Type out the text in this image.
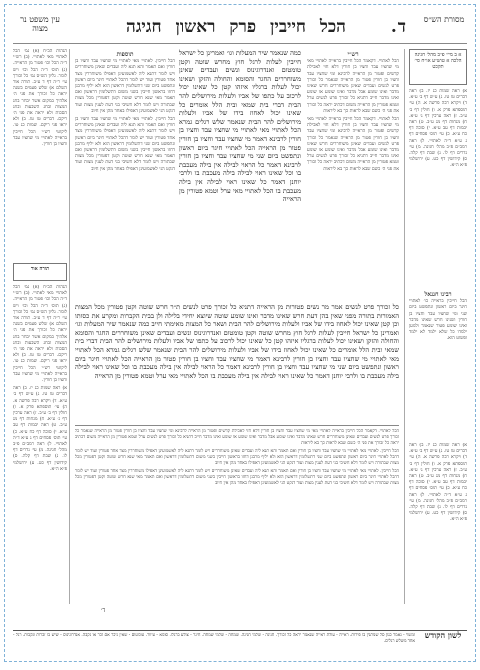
מסורת הש״ס
ד.
הכל חייבין פרק ראשון חגיגה
עין משפט נר מצוה
א ב מיי׳ פ״ב מהל׳ חגיגה הלכה א טוש״ע או״ח סי׳ תקכט

א) ראה שמות כג יז. ב) ראה דברים טז טז. ג) ע״ש דף ב׳ ע״א. ד) ויקרא רבה פרשה א. ה) עי׳ תוספתא פרק א. ו) חולין דף ב׳ ע״ב. ז) ראה ערכין דף ג׳ ע״א. ח) מנחות דף מג ע״ב. ט) ראה יבמות דף עב ע״א. י) סוכה דף כח ע״א. כ) עי׳ תוס׳ פסחים דף ג ע״א ד״ה לאתויי. ל) ראה רמב״ם פ״ב מהל׳ חגיגה. מ) עי׳ נדרים דף לו. נ) שבת דף קלה. ס) קידושין דף כט. ע) ירושלמי פ״א ה״א.

רבינו חננאל

הכל חייבין בראייה כו׳ לאתויי חיגר ביום ראשון ונתפשט ביום שני ומי שחציו עבד וחציו בן חורין ושנינו חרש שאינו מדבר ואינו שומע פטור שנאמר ולמען ילמדו כל שלא ילמד לא ילמד ופשוט הוא.

א) ראה שמות כג יז. ב) ראה דברים טז טז. ג) ע״ש דף ב׳ ע״א. ד) ויקרא רבה פרשה א. ה) עי׳ תוספתא פרק א. ו) חולין דף ב׳ ע״ב. ז) ראה ערכין דף ג׳ ע״א. ח) מנחות דף מג ע״ב. ט) ראה יבמות דף עב ע״א. י) סוכה דף כח ע״א. כ) עי׳ תוס׳ פסחים דף ג ע״א ד״ה לאתויי. ל) ראה רמב״ם פ״ב מהל׳ חגיגה. מ) עי׳ נדרים דף לו. נ) שבת דף קלה. ס) קידושין דף כט. ע) ירושלמי פ״א ה״א.

רש״י

הכל לאתויי. דקאמר הכל חייבין בראייה לאתויי מאי מי שחציו עבד וחציו בן חורין דלא חזי לאכילת קדשים ופטור מן הראייה לרבינא ומי שחציו עבד וחציו בן חורין פטור מן הראייה שנאמר כל זכורך פרט לנשים ועבדים שאינן משוחררים חרש שאינו מדבר ואינו שומע אבל מדבר ואינו שומע או שומע ואינו מדבר חייב דתניא כל זכורך פרט לנשים ערל וטמא פטורין מן הראייה משום דכתיב יראה כל זכורך את פני ה׳ כשם שבא לראות כך בא ליראות

הכל לאתויי. דקאמר הכל חייבין בראייה לאתויי מאי מי שחציו עבד וחציו בן חורין דלא חזי לאכילת קדשים ופטור מן הראייה לרבינא ומי שחציו עבד וחציו בן חורין פטור מן הראייה שנאמר כל זכורך פרט לנשים ועבדים שאינן משוחררים חרש שאינו מדבר ואינו שומע אבל מדבר ואינו שומע או שומע ואינו מדבר חייב דתניא כל זכורך פרט לנשים ערל וטמא פטורין מן הראייה משום דכתיב יראה כל זכורך את פני ה׳ כשם שבא לראות כך בא ליראות

כמה שנאמר שיר המעלות וגו׳ ואמרינן כל ישראל חייבין לעלות לרגל חוץ מחרש שוטה וקטן טומטום ואנדרוגינוס ונשים ועבדים שאינן משוחררים החגר והסומא והחולה והזקן ושאינו יכול לעלות ברגליו איזהו קטן כל שאינו יכול לרכוב על כתפו של אביו ולעלות מירושלים להר הבית דברי בית שמאי ובית הלל אומרים כל שאינו יכול לאחוז בידו של אביו ולעלות מירושלים להר הבית שנאמר שלש רגלים גמרא הכל לאתויי מאי לאתויי מי שחציו עבד וחציו בן חורין לרבינא דאמר מי שחציו עבד וחציו בן חורין פטור מן הראייה הכל לאתויי חיגר ביום ראשון ונתפשט ביום שני מי שחציו עבד וחציו בן חורין לרבינא דאמר כל הראוי לבילה אין בילה מעכבת בו וכל שאינו ראוי לבילה בילה מעכבת בו ולרבי יוחנן דאמר כל שאינו ראוי לבילה אין בילה מעכבת בו הכל לאתויי מאי ערל וטמא פטורין מן הראייה
תוספות

הכל חייבין. לאתויי מאי לאתויי מי שחציו עבד וחציו בן חורין ואם תאמר והא תנא ליה ועבדים שאינן משוחררים ויש לומר דתנא ליה לאשמועינן דאפילו משוחררין מצד אחד פטורין ועוד יש לומר דהכל לאתויי חיגר ביום ראשון ונתפשט ביום שני דתשלומין דראשון הוא ולא יליף מרבנן דחזו בראשון חייבין בשני משום דתשלומין דראשון ואם תאמר מאי שנא חרש שוטה וקטן דפטורין מכל מצות שבתורה ויש לומר דלא חשיבי בני דעת לענין מצות ועוד דנקט הני לאשמועינן דאפילו באחד מהן אין חיוב

הכל חייבין. לאתויי מאי לאתויי מי שחציו עבד וחציו בן חורין ואם תאמר והא תנא ליה ועבדים שאינן משוחררים ויש לומר דתנא ליה לאשמועינן דאפילו משוחררין מצד אחד פטורין ועוד יש לומר דהכל לאתויי חיגר ביום ראשון ונתפשט ביום שני דתשלומין דראשון הוא ולא יליף מרבנן דחזו בראשון חייבין בשני משום דתשלומין דראשון ואם תאמר מאי שנא חרש שוטה וקטן דפטורין מכל מצות שבתורה ויש לומר דלא חשיבי בני דעת לענין מצות ועוד דנקט הני לאשמועינן דאפילו באחד מהן אין חיוב

כל זכורך פרט לנשים אמר מר נשים פטורות מן הראייה דתניא כל זכורך פרט לנשים ת״ר חרש שוטה וקטן פטורין מכל המצות האמורות בתורה מפני שאין בהן דעת חרש שאינו מדבר ואינו שומע שוטה שיוצא יחידי בלילה ולן בבית הקברות ומקרע את כסותו וכן קטן שאינו יכול לאחוז בידו של אביו ולעלות מירושלים להר הבית ושאר כל המצות מאימתי חייב כמה שנאמר שיר המעלות וגו׳ ואמרינן כל ישראל חייבין לעלות לרגל חוץ מחרש שוטה וקטן טומטום ואנדרוגינוס ונשים ועבדים שאינן משוחררים החגר והסומא והחולה והזקן ושאינו יכול לעלות ברגליו איזהו קטן כל שאינו יכול לרכוב על כתפו של אביו ולעלות מירושלים להר הבית דברי בית שמאי ובית הלל אומרים כל שאינו יכול לאחוז בידו של אביו ולעלות מירושלים להר הבית שנאמר שלש רגלים גמרא הכל לאתויי מאי לאתויי מי שחציו עבד וחציו בן חורין לרבינא דאמר מי שחציו עבד וחציו בן חורין פטור מן הראייה הכל לאתויי חיגר ביום ראשון ונתפשט ביום שני מי שחציו עבד וחציו בן חורין לרבינא דאמר כל הראוי לבילה אין בילה מעכבת בו וכל שאינו ראוי לבילה בילה מעכבת בו ולרבי יוחנן דאמר כל שאינו ראוי לבילה אין בילה מעכבת בו הכל לאתויי מאי ערל וטמא פטורין מן הראייה

הכל לאתויי. דקאמר הכל חייבין בראייה לאתויי מאי מי שחציו עבד וחציו בן חורין דלא חזי לאכילת קדשים ופטור מן הראייה לרבינא ומי שחציו עבד וחציו בן חורין פטור מן הראייה שנאמר כל זכורך פרט לנשים ועבדים שאינן משוחררים חרש שאינו מדבר ואינו שומע אבל מדבר ואינו שומע או שומע ואינו מדבר חייב דתניא כל זכורך פרט לנשים ערל וטמא פטורין מן הראייה משום דכתיב יראה כל זכורך את פני ה׳ כשם שבא לראות כך בא ליראות

הכל חייבין. לאתויי מאי לאתויי מי שחציו עבד וחציו בן חורין ואם תאמר והא תנא ליה ועבדים שאינן משוחררים ויש לומר דתנא ליה לאשמועינן דאפילו משוחררין מצד אחד פטורין ועוד יש לומר דהכל לאתויי חיגר ביום ראשון ונתפשט ביום שני דתשלומין דראשון הוא ולא יליף מרבנן דחזו בראשון חייבין בשני משום דתשלומין דראשון ואם תאמר מאי שנא חרש שוטה וקטן דפטורין מכל מצות שבתורה ויש לומר דלא חשיבי בני דעת לענין מצות ועוד דנקט הני לאשמועינן דאפילו באחד מהן אין חיוב

הכל חייבין. לאתויי מאי לאתויי מי שחציו עבד וחציו בן חורין ואם תאמר והא תנא ליה ועבדים שאינן משוחררים ויש לומר דתנא ליה לאשמועינן דאפילו משוחררין מצד אחד פטורין ועוד יש לומר דהכל לאתויי חיגר ביום ראשון ונתפשט ביום שני דתשלומין דראשון הוא ולא יליף מרבנן דחזו בראשון חייבין בשני משום דתשלומין דראשון ואם תאמר מאי שנא חרש שוטה וקטן דפטורין מכל מצות שבתורה ויש לומר דלא חשיבי בני דעת לענין מצות ועוד דנקט הני לאשמועינן דאפילו באחד מהן אין חיוב

הגהות הב״ח (א) גמ׳ הכל לאתויי מאי לאתויי. (ב) רש״י ד״ה הכל וכו׳ פטור מן הראייה. (ג) תוס׳ ד״ה הכל וכו׳ ויש לומר. גליון הש״ס גמ׳ כל זכורך עי׳ ר״ה דף ד ע״ב. תורה אור השלם א) שלש פעמים בשנה יראה כל זכורך את פני ה׳ אלהיך במקום אשר יבחר בחג המצות ובחג השבעות ובחג הסכות ולא יראה את פני ה׳ ריקם. דברים טז טז. ב) ולא יראו פני ריקם. שמות כג טו. ליקוטי רש״י הכל חייבין בראייה לאתויי מי שחציו עבד וחציו בן חורין.

תורה אור

הגהות הב״ח (א) גמ׳ הכל לאתויי מאי לאתויי. (ב) רש״י ד״ה הכל וכו׳ פטור מן הראייה. (ג) תוס׳ ד״ה הכל וכו׳ ויש לומר. גליון הש״ס גמ׳ כל זכורך עי׳ ר״ה דף ד ע״ב. תורה אור השלם א) שלש פעמים בשנה יראה כל זכורך את פני ה׳ אלהיך במקום אשר יבחר בחג המצות ובחג השבעות ובחג הסכות ולא יראה את פני ה׳ ריקם. דברים טז טז. ב) ולא יראו פני ריקם. שמות כג טו. ליקוטי רש״י הכל חייבין בראייה לאתויי מי שחציו עבד וחציו בן חורין.

א) ראה שמות כג יז. ב) ראה דברים טז טז. ג) ע״ש דף ב׳ ע״א. ד) ויקרא רבה פרשה א. ה) עי׳ תוספתא פרק א. ו) חולין דף ב׳ ע״ב. ז) ראה ערכין דף ג׳ ע״א. ח) מנחות דף מג ע״ב. ט) ראה יבמות דף עב ע״א. י) סוכה דף כח ע״א. כ) עי׳ תוס׳ פסחים דף ג ע״א ד״ה לאתויי. ל) ראה רמב״ם פ״ב מהל׳ חגיגה. מ) עי׳ נדרים דף לו. נ) שבת דף קלה. ס) קידושין דף כט. ע) ירושלמי פ״א ה״א.

ד׳
לשון הקודש
ומשוי - נאמר כגון סל שנותנין בו פירות. ראייה - עולת ראייה שנאמר יראה כל זכורך. חגיגה - שלמי חגיגה. שמחה - שלמי שמחה. חיגר - צולע ברגלו. סומא - עיוור. טומטום - שאין ניכר אם זכר או נקבה. אנדרוגינוס - שיש בו זכרות ונקבות. רגל - אחד משלש רגלים.
